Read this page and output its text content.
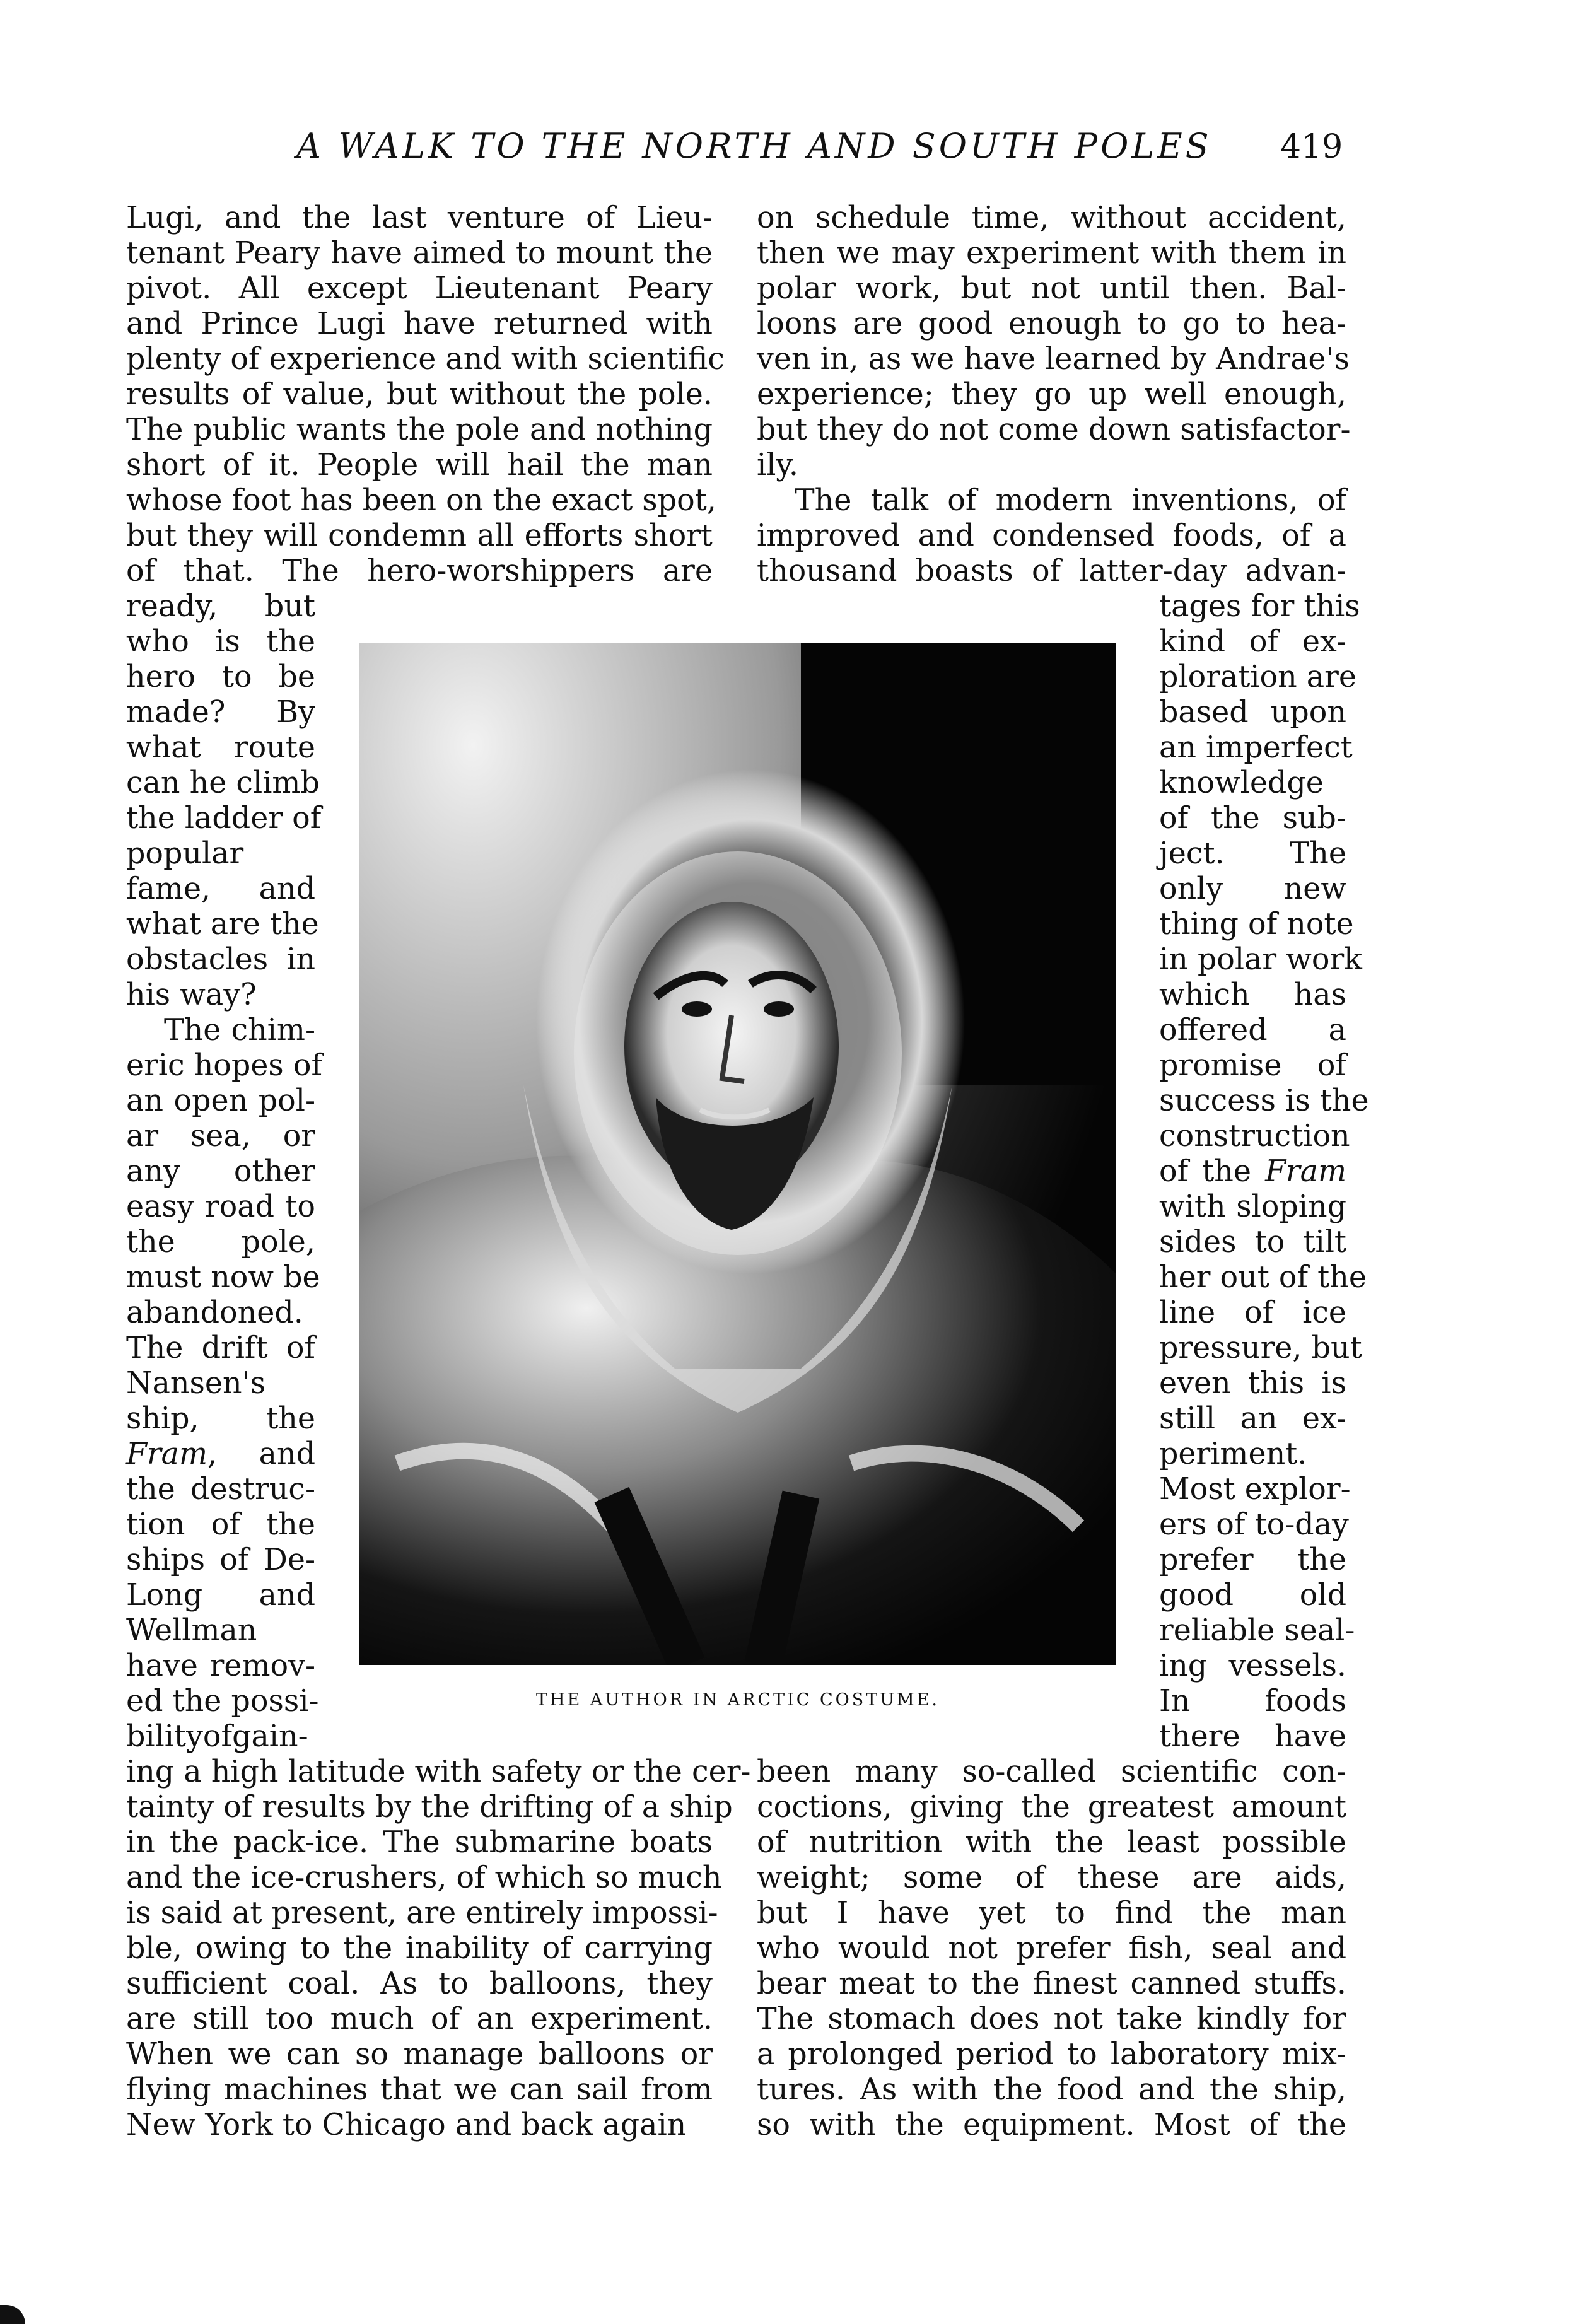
A WALK TO THE NORTH AND SOUTH POLES 419
Lugi, and the last venture of Lieu-
tenant Peary have aimed to mount the
pivot. All except Lieutenant Peary
and Prince Lugi have returned with
plenty of experience and with scientific
results of value, but without the pole.
The public wants the pole and nothing
short of it. People will hail the man
whose foot has been on the exact spot,
but they will condemn all efforts short
of that. The hero-worshippers are
ready, but
who is the
hero to be
made? By
what route
can he climb
the ladder of
popular
fame, and
what are the
obstacles in
his way?
The chim-
eric hopes of
an open pol-
ar sea, or
any other
easy road to
the pole,
must now be
abandoned.
The drift of
Nansen's
ship, the
Fram, and
the destruc-
tion of the
ships of De-
Long and
Wellman
have remov-
ed the possi-
bilityofgain-
ing a high latitude with safety or the cer-
tainty of results by the drifting of a ship
in the pack-ice. The submarine boats
and the ice-crushers, of which so much
is said at present, are entirely impossi-
ble, owing to the inability of carrying
sufficient coal. As to balloons, they
are still too much of an experiment.
When we can so manage balloons or
flying machines that we can sail from
New York to Chicago and back again
on schedule time, without accident,
then we may experiment with them in
polar work, but not until then. Bal-
loons are good enough to go to hea-
ven in, as we have learned by Andrae's
experience; they go up well enough,
but they do not come down satisfactor-
ily.
The talk of modern inventions, of
improved and condensed foods, of a
thousand boasts of latter-day advan-
tages for this
kind of ex-
ploration are
based upon
an imperfect
knowledge
of the sub-
ject. The
only new
thing of note
in polar work
which has
offered a
promise of
success is the
construction
of the Fram
with sloping
sides to tilt
her out of the
line of ice
pressure, but
even this is
still an ex-
periment.
Most explor-
ers of to-day
prefer the
good old
reliable seal-
ing vessels.
In foods
there have
been many so-called scientific con-
coctions, giving the greatest amount
of nutrition with the least possible
weight; some of these are aids,
but I have yet to find the man
who would not prefer fish, seal and
bear meat to the finest canned stuffs.
The stomach does not take kindly for
a prolonged period to laboratory mix-
tures. As with the food and the ship,
so with the equipment. Most of the
THE AUTHOR IN ARCTIC COSTUME.
